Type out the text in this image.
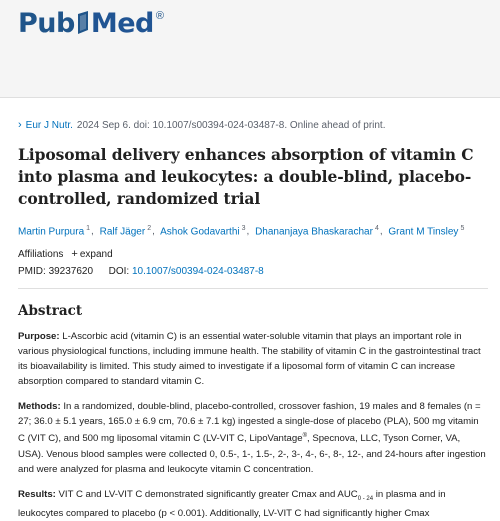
Pub Med ®
› Eur J Nutr. 2024 Sep 6. doi: 10.1007/s00394-024-03487-8. Online ahead of print.
Liposomal delivery enhances absorption of vitamin C into plasma and leukocytes: a double-blind, placebo-controlled, randomized trial
Martin Purpura $^1$, Ralf Jäger $^2$, Ashok Godavarthi $^3$, Dhananjaya Bhaskarachar $^4$, Grant M Tinsley $^5$
Affiliations + expand
PMID: 39237620 DOI: 10.1007/s00394-024-03487-8
Abstract

Purpose: L-Ascorbic acid (vitamin C) is an essential water-soluble vitamin that plays an important role in various physiological functions, including immune health. The stability of vitamin C in the gastrointestinal tract its bioavailability is limited. This study aimed to investigate if a liposomal form of vitamin C can increase absorption compared to standard vitamin C.

Methods: In a randomized, double-blind, placebo-controlled, crossover fashion, 19 males and 8 females (n = 27; 36.0 ± 5.1 years, 165.0 ± 6.9 cm, 70.6 ± 7.1 kg) ingested a single-dose of placebo (PLA), 500 mg vitamin C (VIT C), and 500 mg liposomal vitamin C (LV-VIT C, LipoVantage®, Specnova, LLC, Tyson Corner, VA, USA). Venous blood samples were collected 0, 0.5-, 1-, 1.5-, 2-, 3-, 4-, 6-, 8-, 12-, and 24-hours after ingestion and were analyzed for plasma and leukocyte vitamin C concentration.

Results: VIT C and LV-VIT C demonstrated significantly greater Cmax and $AUC_{0 - 24}$ in plasma and in leukocytes compared to placebo (p < 0.001). Additionally, LV-VIT C had significantly higher Cmax
